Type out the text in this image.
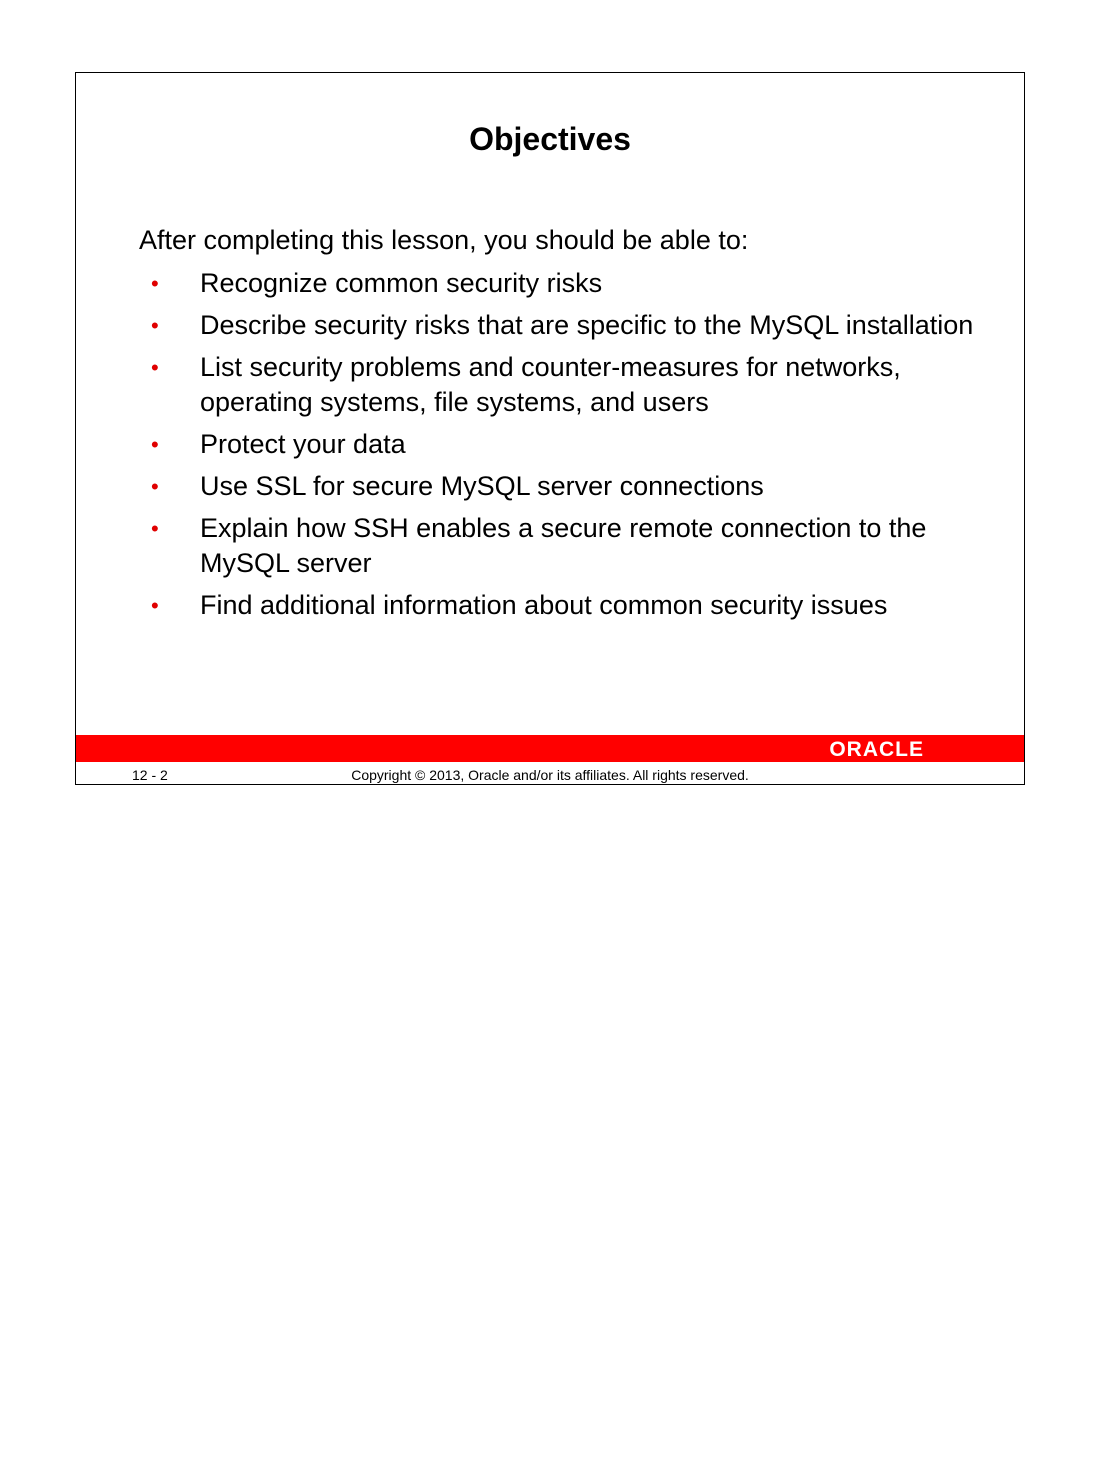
Objectives
After completing this lesson, you should be able to:
• Recognize common security risks
• Describe security risks that are specific to the MySQL installation
• List security problems and counter-measures for networks, operating systems, file systems, and users
• Protect your data
• Use SSL for secure MySQL server connections
• Explain how SSH enables a secure remote connection to the MySQL server
• Find additional information about common security issues
ORACLE
12 - 2	Copyright © 2013, Oracle and/or its affiliates. All rights reserved.
